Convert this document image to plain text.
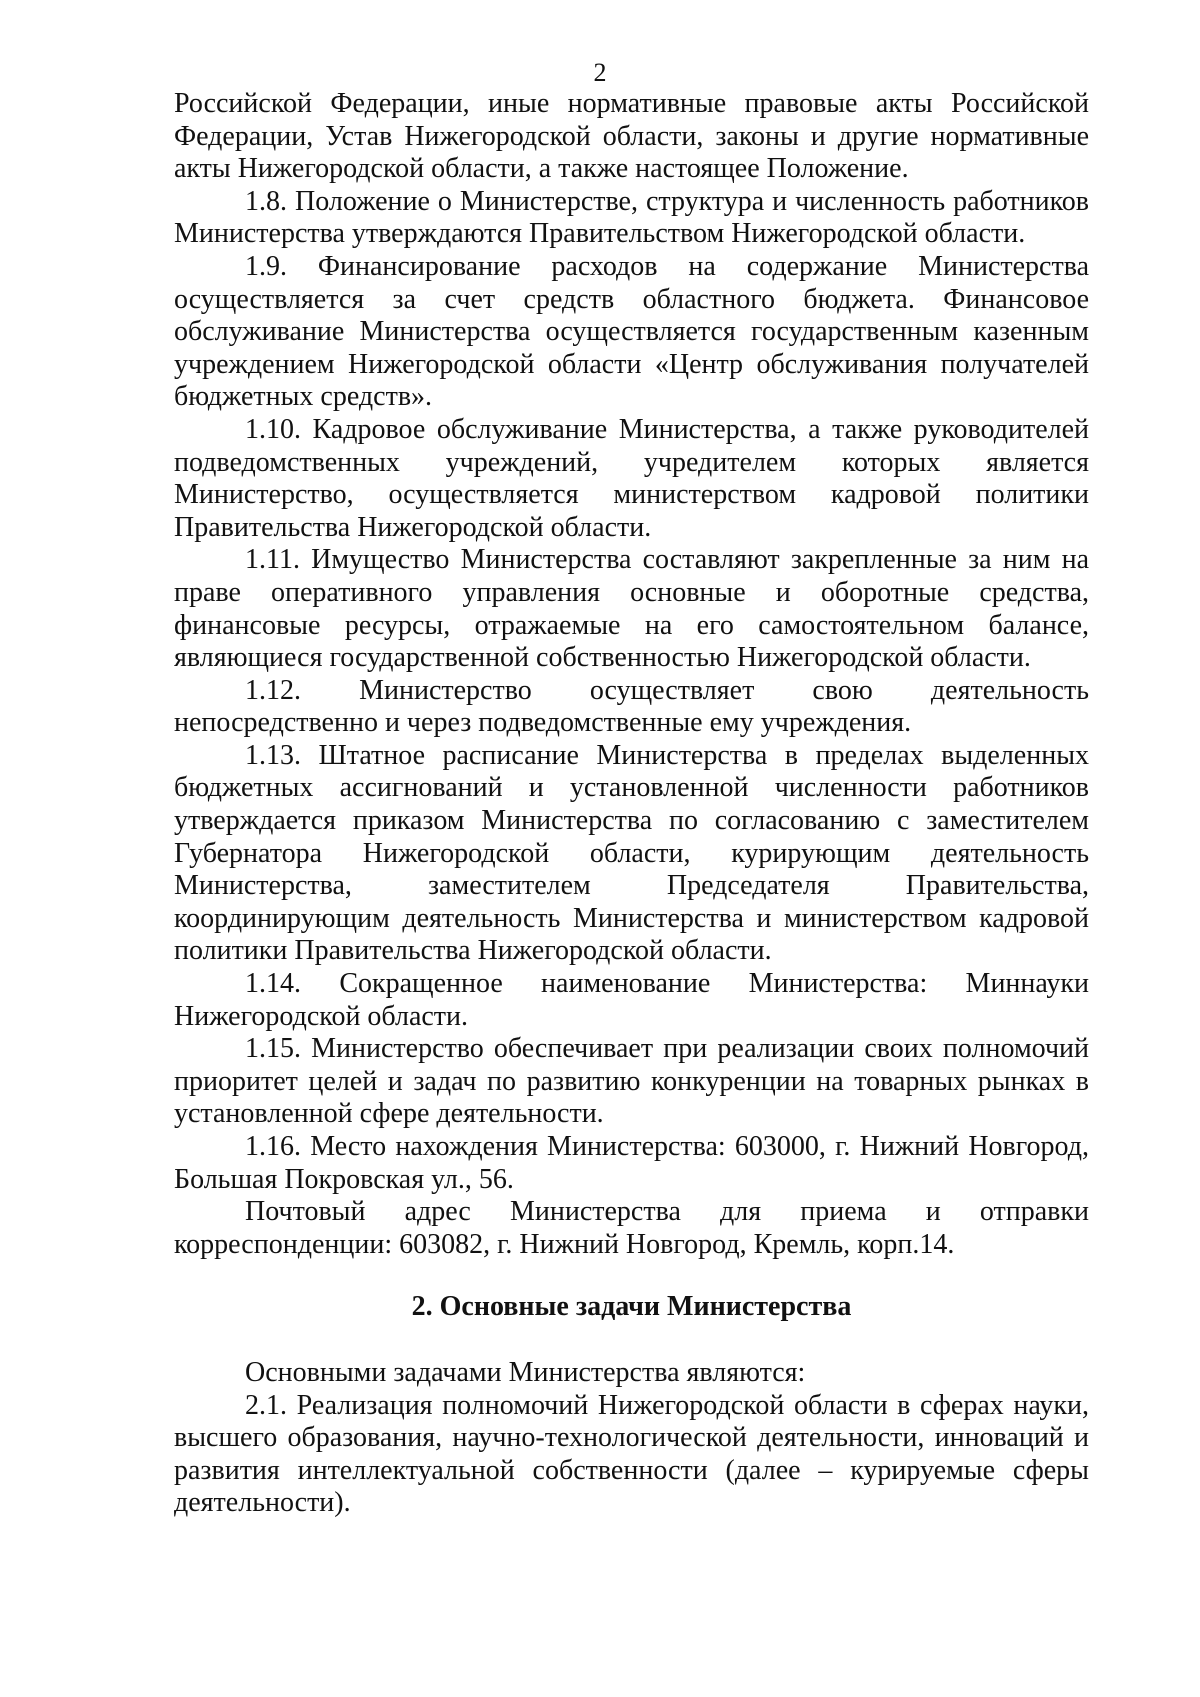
2

Российской Федерации, иные нормативные правовые акты Российской Федерации, Устав Нижегородской области, законы и другие нормативные акты Нижегородской области, а также настоящее Положение.

1.8. Положение о Министерстве, структура и численность работников Министерства утверждаются Правительством Нижегородской области.

1.9. Финансирование расходов на содержание Министерства осуществляется за счет средств областного бюджета. Финансовое обслуживание Министерства осуществляется государственным казенным учреждением Нижегородской области «Центр обслуживания получателей бюджетных средств».

1.10. Кадровое обслуживание Министерства, а также руководителей подведомственных учреждений, учредителем которых является Министерство, осуществляется министерством кадровой политики Правительства Нижегородской области.

1.11. Имущество Министерства составляют закрепленные за ним на праве оперативного управления основные и оборотные средства, финансовые ресурсы, отражаемые на его самостоятельном балансе, являющиеся государственной собственностью Нижегородской области.

1.12. Министерство осуществляет свою деятельность непосредственно и через подведомственные ему учреждения.

1.13. Штатное расписание Министерства в пределах выделенных бюджетных ассигнований и установленной численности работников утверждается приказом Министерства по согласованию с заместителем Губернатора Нижегородской области, курирующим деятельность Министерства, заместителем Председателя Правительства, координирующим деятельность Министерства и министерством кадровой политики Правительства Нижегородской области.

1.14. Сокращенное наименование Министерства: Миннауки Нижегородской области.

1.15. Министерство обеспечивает при реализации своих полномочий приоритет целей и задач по развитию конкуренции на товарных рынках в установленной сфере деятельности.

1.16. Место нахождения Министерства: 603000, г. Нижний Новгород, Большая Покровская ул., 56.

Почтовый адрес Министерства для приема и отправки корреспонденции: 603082, г. Нижний Новгород, Кремль, корп.14.

2. Основные задачи Министерства

Основными задачами Министерства являются:

2.1. Реализация полномочий Нижегородской области в сферах науки, высшего образования, научно-технологической деятельности, инноваций и развития интеллектуальной собственности (далее – курируемые сферы деятельности).
